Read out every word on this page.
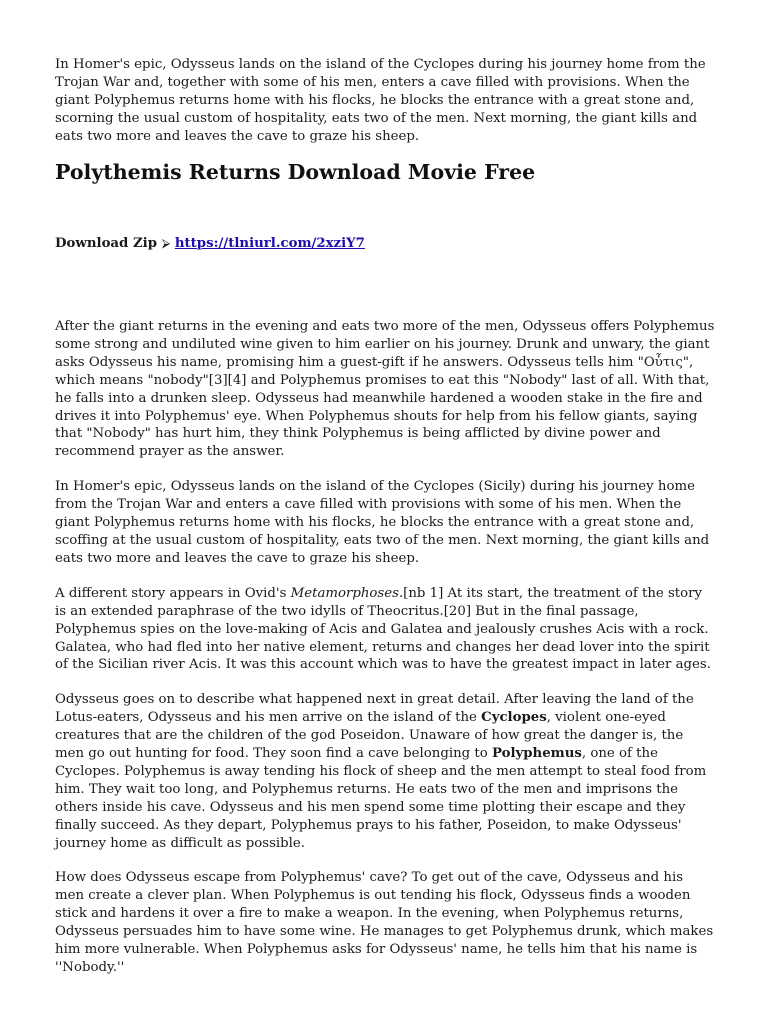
In Homer's epic, Odysseus lands on the island of the Cyclopes during his journey home from the Trojan War and, together with some of his men, enters a cave filled with provisions. When the giant Polyphemus returns home with his flocks, he blocks the entrance with a great stone and, scorning the usual custom of hospitality, eats two of the men. Next morning, the giant kills and eats two more and leaves the cave to graze his sheep.

Polythemis Returns Download Movie Free
Download Zip ⮚ https://tlniurl.com/2xziY7

After the giant returns in the evening and eats two more of the men, Odysseus offers Polyphemus some strong and undiluted wine given to him earlier on his journey. Drunk and unwary, the giant asks Odysseus his name, promising him a guest-gift if he answers. Odysseus tells him "Οὖτις", which means "nobody"[3][4] and Polyphemus promises to eat this "Nobody" last of all. With that, he falls into a drunken sleep. Odysseus had meanwhile hardened a wooden stake in the fire and drives it into Polyphemus' eye. When Polyphemus shouts for help from his fellow giants, saying that "Nobody" has hurt him, they think Polyphemus is being afflicted by divine power and recommend prayer as the answer.

In Homer's epic, Odysseus lands on the island of the Cyclopes (Sicily) during his journey home from the Trojan War and enters a cave filled with provisions with some of his men. When the giant Polyphemus returns home with his flocks, he blocks the entrance with a great stone and, scoffing at the usual custom of hospitality, eats two of the men. Next morning, the giant kills and eats two more and leaves the cave to graze his sheep.

A different story appears in Ovid's Metamorphoses.[nb 1] At its start, the treatment of the story is an extended paraphrase of the two idylls of Theocritus.[20] But in the final passage, Polyphemus spies on the love-making of Acis and Galatea and jealously crushes Acis with a rock. Galatea, who had fled into her native element, returns and changes her dead lover into the spirit of the Sicilian river Acis. It was this account which was to have the greatest impact in later ages.

Odysseus goes on to describe what happened next in great detail. After leaving the land of the Lotus-eaters, Odysseus and his men arrive on the island of the Cyclopes, violent one-eyed creatures that are the children of the god Poseidon. Unaware of how great the danger is, the men go out hunting for food. They soon find a cave belonging to Polyphemus, one of the Cyclopes. Polyphemus is away tending his flock of sheep and the men attempt to steal food from him. They wait too long, and Polyphemus returns. He eats two of the men and imprisons the others inside his cave. Odysseus and his men spend some time plotting their escape and they finally succeed. As they depart, Polyphemus prays to his father, Poseidon, to make Odysseus' journey home as difficult as possible.

How does Odysseus escape from Polyphemus' cave? To get out of the cave, Odysseus and his men create a clever plan. When Polyphemus is out tending his flock, Odysseus finds a wooden stick and hardens it over a fire to make a weapon. In the evening, when Polyphemus returns, Odysseus persuades him to have some wine. He manages to get Polyphemus drunk, which makes him more vulnerable. When Polyphemus asks for Odysseus' name, he tells him that his name is ''Nobody.''
